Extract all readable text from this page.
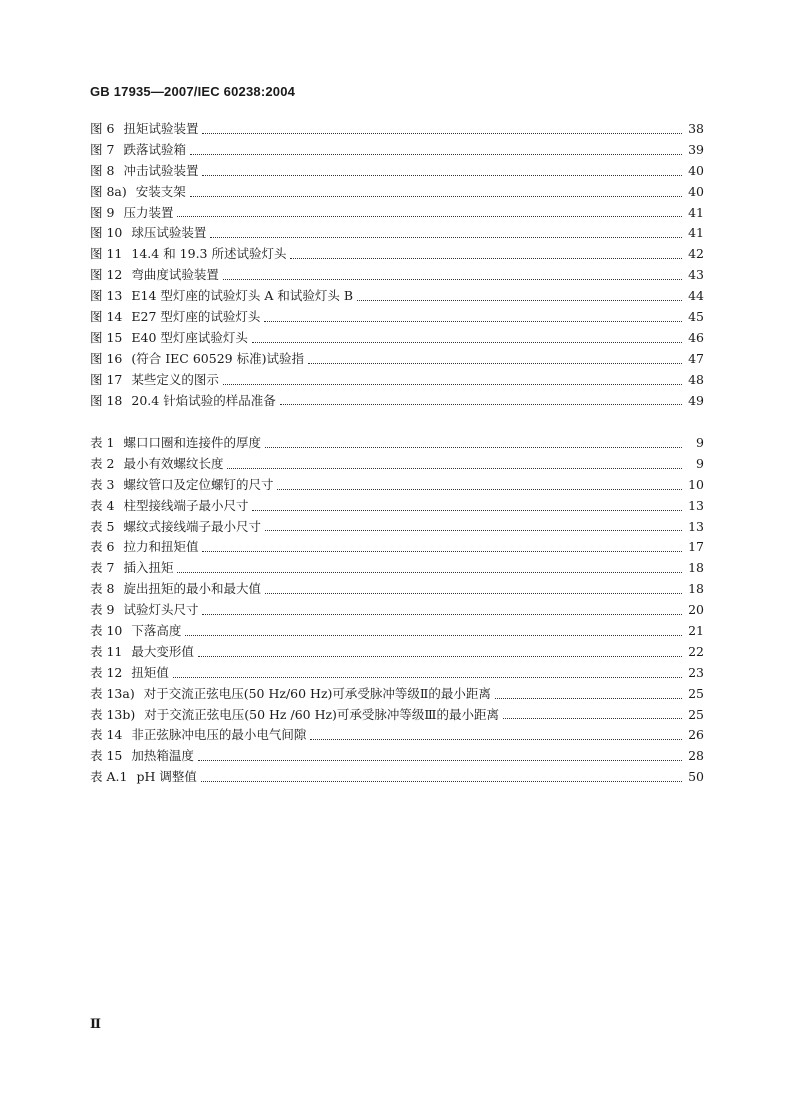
GB 17935—2007/IEC 60238:2004
图 6 扭矩试验装置	38
图 7 跌落试验箱	39
图 8 冲击试验装置	40
图 8a) 安装支架	40
图 9 压力装置	41
图 10 球压试验装置	41
图 11 14.4 和 19.3 所述试验灯头	42
图 12 弯曲度试验装置	43
图 13 E14 型灯座的试验灯头 A 和试验灯头 B	44
图 14 E27 型灯座的试验灯头	45
图 15 E40 型灯座试验灯头	46
图 16 (符合 IEC 60529 标准)试验指	47
图 17 某些定义的图示	48
图 18 20.4 针焰试验的样品准备	49
表 1 螺口口圈和连接件的厚度	9
表 2 最小有效螺纹长度	9
表 3 螺纹管口及定位螺钉的尺寸	10
表 4 柱型接线端子最小尺寸	13
表 5 螺纹式接线端子最小尺寸	13
表 6 拉力和扭矩值	17
表 7 插入扭矩	18
表 8 旋出扭矩的最小和最大值	18
表 9 试验灯头尺寸	20
表 10 下落高度	21
表 11 最大变形值	22
表 12 扭矩值	23
表 13a) 对于交流正弦电压(50 Hz/60 Hz)可承受脉冲等级Ⅱ的最小距离	25
表 13b) 对于交流正弦电压(50 Hz /60 Hz)可承受脉冲等级Ⅲ的最小距离	25
表 14 非正弦脉冲电压的最小电气间隙	26
表 15 加热箱温度	28
表 A.1 pH 调整值	50
Ⅱ
